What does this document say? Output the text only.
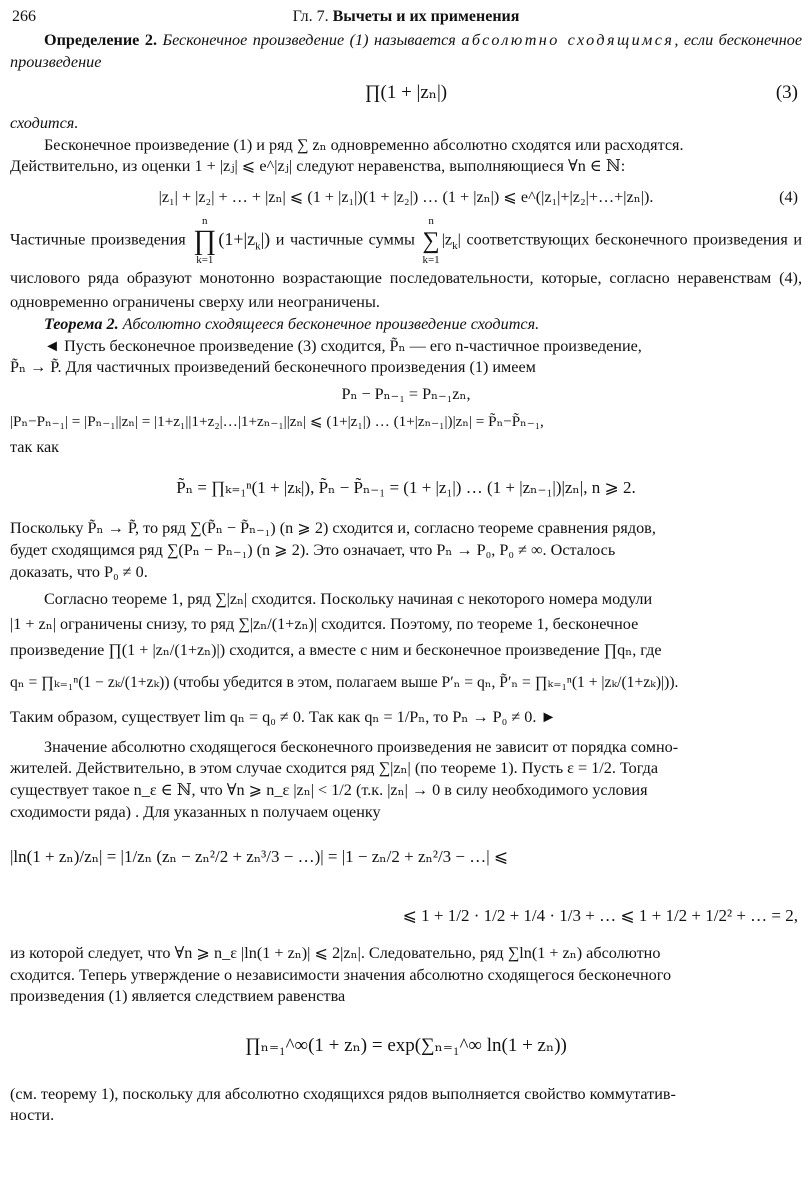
266	Гл. 7. Вычеты и их применения

Определение 2. Бесконечное произведение (1) называется абсолютно сходящимся, если бесконечное произведение

∏(1 + |zₙ|)	(3)

сходится.

Бесконечное произведение (1) и ряд ∑ zₙ одновременно абсолютно сходятся или расходятся.

Действительно, из оценки 1 + |zⱼ| ⩽ e^|zⱼ| следуют неравенства, выполняющиеся ∀n ∈ ℕ:

|z₁| + |z₂| + … + |zₙ| ⩽ (1 + |z₁|)(1 + |z₂|) … (1 + |zₙ|) ⩽ e^(|z₁|+|z₂|+…+|zₙ|).	(4)

Частичные произведения
n
∏
k=1
$(1+|z_k|)$ и частичные суммы
n
∑
k=1
$|z_k|$ соответствующих бесконечного произведения и числового ряда образуют монотонно возрастающие последовательности, которые, согласно неравенствам (4), одновременно ограничены сверху или неограничены.

Теорема 2. Абсолютно сходящееся бесконечное произведение сходится.

◄ Пусть бесконечное произведение (3) сходится, P̃ₙ — его n-частичное произведение,

P̃ₙ → P̃. Для частичных произведений бесконечного произведения (1) имеем

Pₙ − Pₙ₋₁ = Pₙ₋₁zₙ,
|Pₙ−Pₙ₋₁| = |Pₙ₋₁||zₙ| = |1+z₁||1+z₂|…|1+zₙ₋₁||zₙ| ⩽ (1+|z₁|) … (1+|zₙ₋₁|)|zₙ| = P̃ₙ−P̃ₙ₋₁,

так как

P̃ₙ = ∏ₖ₌₁ⁿ(1 + |zₖ|), P̃ₙ − P̃ₙ₋₁ = (1 + |z₁|) … (1 + |zₙ₋₁|)|zₙ|, n ⩾ 2.

Поскольку P̃ₙ → P̃, то ряд ∑(P̃ₙ − P̃ₙ₋₁) (n ⩾ 2) сходится и, согласно теореме сравнения рядов,

будет сходящимся ряд ∑(Pₙ − Pₙ₋₁) (n ⩾ 2). Это означает, что Pₙ → P₀, P₀ ≠ ∞. Осталось

доказать, что P₀ ≠ 0.

Согласно теореме 1, ряд ∑|zₙ| сходится. Поскольку начиная с некоторого номера модули

|1 + zₙ| ограничены снизу, то ряд ∑|zₙ/(1+zₙ)| сходится. Поэтому, по теореме 1, бесконечное

произведение ∏(1 + |zₙ/(1+zₙ)|) сходится, а вместе с ним и бесконечное произведение ∏qₙ, где

qₙ = ∏ₖ₌₁ⁿ(1 − zₖ/(1+zₖ)) (чтобы убедится в этом, полагаем выше P′ₙ = qₙ, P̃′ₙ = ∏ₖ₌₁ⁿ(1 + |zₖ/(1+zₖ)|)).

Таким образом, существует lim qₙ = q₀ ≠ 0. Так как qₙ = 1/Pₙ, то Pₙ → P₀ ≠ 0. ►

Значение абсолютно сходящегося бесконечного произведения не зависит от порядка сомно-

жителей. Действительно, в этом случае сходится ряд ∑|zₙ| (по теореме 1). Пусть ε = 1/2. Тогда

существует такое n_ε ∈ ℕ, что ∀n ⩾ n_ε |zₙ| < 1/2 (т.к. |zₙ| → 0 в силу необходимого условия

сходимости ряда) . Для указанных n получаем оценку

|ln(1 + zₙ)/zₙ| = |1/zₙ (zₙ − zₙ²/2 + zₙ³/3 − …)| = |1 − zₙ/2 + zₙ²/3 − …| ⩽
⩽ 1 + 1/2 · 1/2 + 1/4 · 1/3 + … ⩽ 1 + 1/2 + 1/2² + … = 2,

из которой следует, что ∀n ⩾ n_ε |ln(1 + zₙ)| ⩽ 2|zₙ|. Следовательно, ряд ∑ln(1 + zₙ) абсолютно

сходится. Теперь утверждение о независимости значения абсолютно сходящегося бесконечного

произведения (1) является следствием равенства

∏ₙ₌₁^∞(1 + zₙ) = exp(∑ₙ₌₁^∞ ln(1 + zₙ))

(см. теорему 1), поскольку для абсолютно сходящихся рядов выполняется свойство коммутатив-

ности.
